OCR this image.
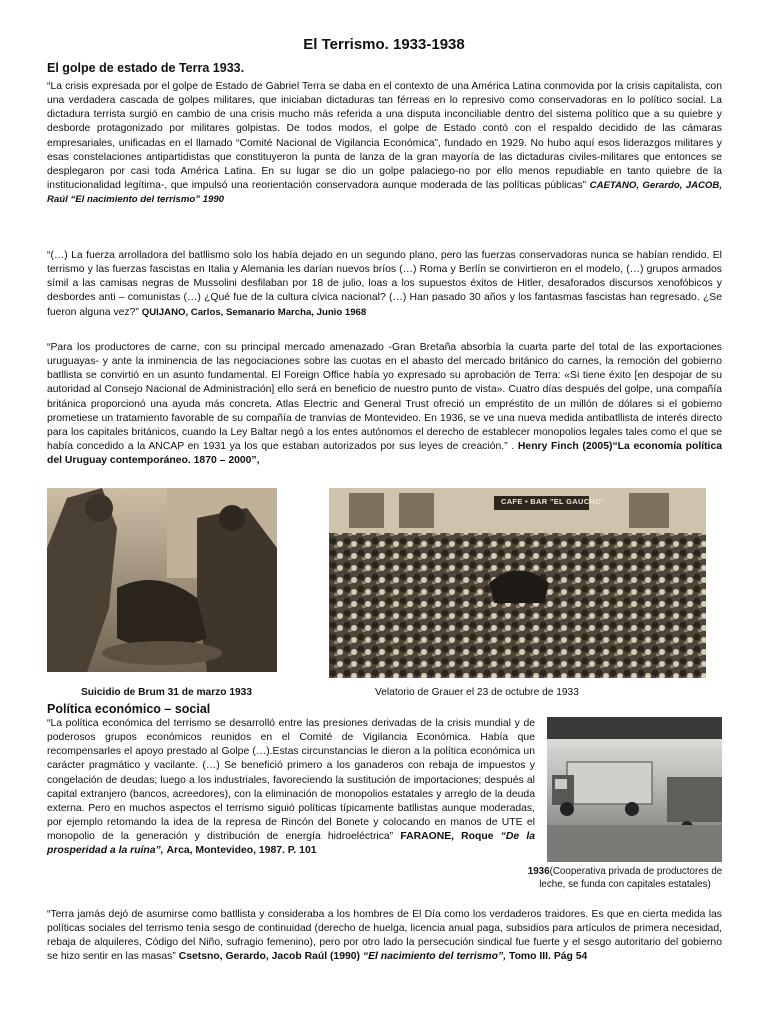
El Terrismo. 1933-1938
El golpe de estado de Terra 1933.
“La crisis expresada por el golpe de Estado de Gabriel Terra se daba en el contexto de una América Latina conmovida por la crisis capitalista, con una verdadera cascada de golpes militares, que iniciaban dictaduras tan férreas en lo represivo como conservadoras en lo político social. La dictadura terrista surgió en cambio de una crisis mucho más referida a una disputa inconciliable dentro del sistema político que a su quiebre y desborde protagonizado por militares golpistas. De todos modos, el golpe de Estado contó con el respaldo decidido de las cámaras empresariales, unificadas en el llamado “Comité Nacional de Vigilancia Económica”, fundado en 1929. No hubo aquí esos liderazgos militares y esas constelaciones antipartidistas que constituyeron la punta de lanza de la gran mayoría de las dictaduras civiles-militares que entonces se desplegaron por casi toda América Latina. En su lugar se dio un golpe palaciego-no por ello menos repudiable en tanto quiebre de la institucionalidad legítima-, que impulsó una reorientación conservadora aunque moderada de las políticas públicas” CAETANO, Gerardo, JACOB, Raúl “El nacimiento del terrismo” 1990
“(…) La fuerza arrolladora del batllismo solo los había dejado en un segundo plano, pero las fuerzas conservadoras nunca se habían rendido. El terrismo y las fuerzas fascistas en Italia y Alemania les darían nuevos bríos (…) Roma y Berlín se convirtieron en el modelo, (…) grupos armados símil a las camisas negras de Mussolini desfilaban por 18 de julio, loas a los supuestos éxitos de Hitler, desaforados discursos xenofóbicos y desbordes anti – comunistas (…) ¿Qué fue de la cultura cívica nacional? (…) Han pasado 30 años y los fantasmas fascistas han regresado. ¿Se fueron alguna vez?” QUIJANO, Carlos, Semanario Marcha, Junio 1968
“Para los productores de carne, con su principal mercado amenazado -Gran Bretaña absorbía la cuarta parte del total de las exportaciones uruguayas- y ante la inminencia de las negociaciones sobre las cuotas en el abasto del mercado británico do carnes, la remoción del gobierno batllista se convirtió en un asunto fundamental. El Foreign Office había yo expresado su aprobación de Terra: «Si tiene éxito [en despojar de su autoridad al Consejo Nacional de Administración] ello será en beneficio de nuestro punto de vista». Cuatro días después del golpe, una compañía británica proporcionó una ayuda más concreta. Atlas Electric and General Trust ofreció un empréstito de un millón de dólares si el gobierno prometiese un tratamiento favorable de su compañía de tranvías de Montevideo. En 1936, se ve una nueva medida antibatllista de interés directo para los capitales británicos, cuando la Ley Baltar negó a los entes autónomos el derecho de establecer monopolios legales tales como el que se había concedido a la ANCAP en 1931 ya los que estaban autorizados por sus leyes de creación.” . Henry Finch (2005)“La economía política del Uruguay contemporáneo. 1870 – 2000”,
CAFE • BAR "EL GAUCHO"
Suicidio de Brum 31 de marzo 1933	Velatorio de Grauer el 23 de octubre de 1933
Política económico – social
“La política económica del terrismo se desarrolló entre las presiones derivadas de la crisis mundial y de poderosos grupos económicos reunidos en el Comité de Vigilancia Económica. Había que recompensarles el apoyo prestado al Golpe (…).Estas circunstancias le dieron a la política económica un carácter pragmático y vacilante. (…) Se benefició primero a los ganaderos con rebaja de impuestos y congelación de deudas; luego a los industriales, favoreciendo la sustitución de importaciones; después al capital extranjero (bancos, acreedores), con la eliminación de monopolios estatales y arreglo de la deuda externa. Pero en muchos aspectos el terrismo siguió políticas típicamente batllistas aunque moderadas, por ejemplo retomando la idea de la represa de Rincón del Bonete y colocando en manos de UTE el monopolio de la generación y distribución de energía hidroeléctrica” FARAONE, Roque “De la prosperidad a la ruína”, Arca, Montevideo, 1987. P. 101
1936(Cooperativa privada de productores de leche, se funda con capitales estatales)
“Terra jamás dejó de asumirse como batllista y consideraba a los hombres de El Día como los verdaderos traidores. Es que en cierta medida las políticas sociales del terrismo tenía sesgo de continuidad (derecho de huelga, licencia anual paga, subsidios para artículos de primera necesidad, rebaja de alquileres, Código del Niño, sufragio femenino), pero por otro lado la persecución sindical fue fuerte y el sesgo autoritario del gobierno se hizo sentir en las masas” Csetsno, Gerardo, Jacob Raúl (1990) “El nacimiento del terrismo”, Tomo III. Pág 54
